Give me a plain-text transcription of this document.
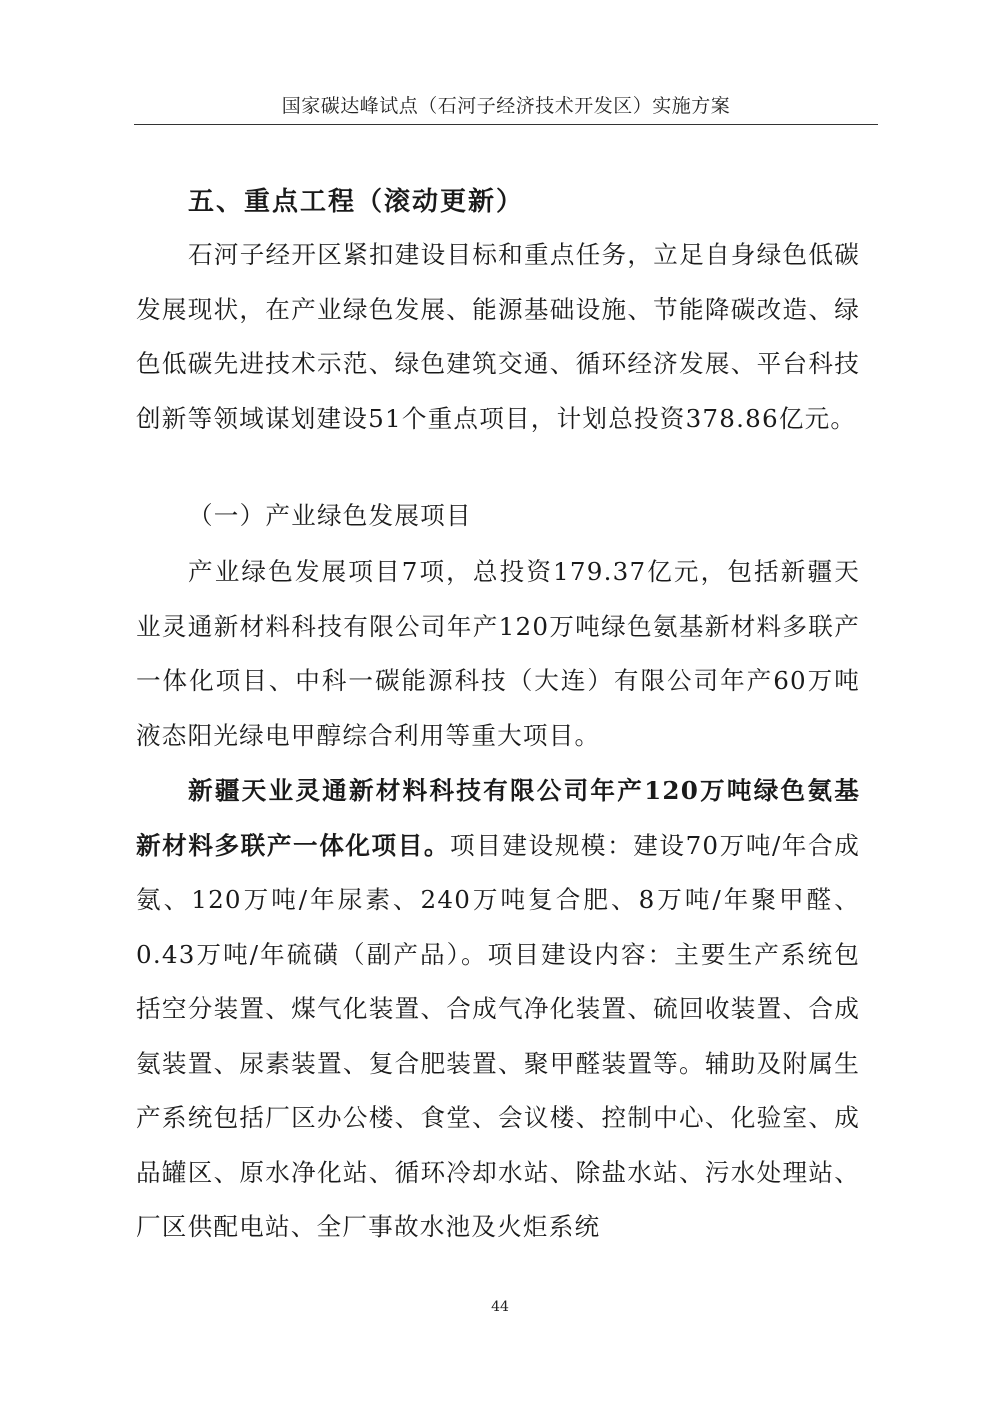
国家碳达峰试点（石河子经济技术开发区）实施方案
五、重点工程（滚动更新）

石河子经开区紧扣建设目标和重点任务，立足自身绿色低碳发展现状，在产业绿色发展、能源基础设施、节能降碳改造、绿色低碳先进技术示范、绿色建筑交通、循环经济发展、平台科技创新等领域谋划建设51个重点项目，计划总投资378.86亿元。

（一）产业绿色发展项目

产业绿色发展项目7项，总投资179.37亿元，包括新疆天业灵通新材料科技有限公司年产120万吨绿色氨基新材料多联产一体化项目、中科一碳能源科技（大连）有限公司年产60万吨液态阳光绿电甲醇综合利用等重大项目。

新疆天业灵通新材料科技有限公司年产120万吨绿色氨基新材料多联产一体化项目。项目建设规模：建设70万吨/年合成氨、120万吨/年尿素、240万吨复合肥、8万吨/年聚甲醛、0.43万吨/年硫磺（副产品）。项目建设内容：主要生产系统包括空分装置、煤气化装置、合成气净化装置、硫回收装置、合成氨装置、尿素装置、复合肥装置、聚甲醛装置等。辅助及附属生产系统包括厂区办公楼、食堂、会议楼、控制中心、化验室、成品罐区、原水净化站、循环冷却水站、除盐水站、污水处理站、厂区供配电站、全厂事故水池及火炬系统

44
